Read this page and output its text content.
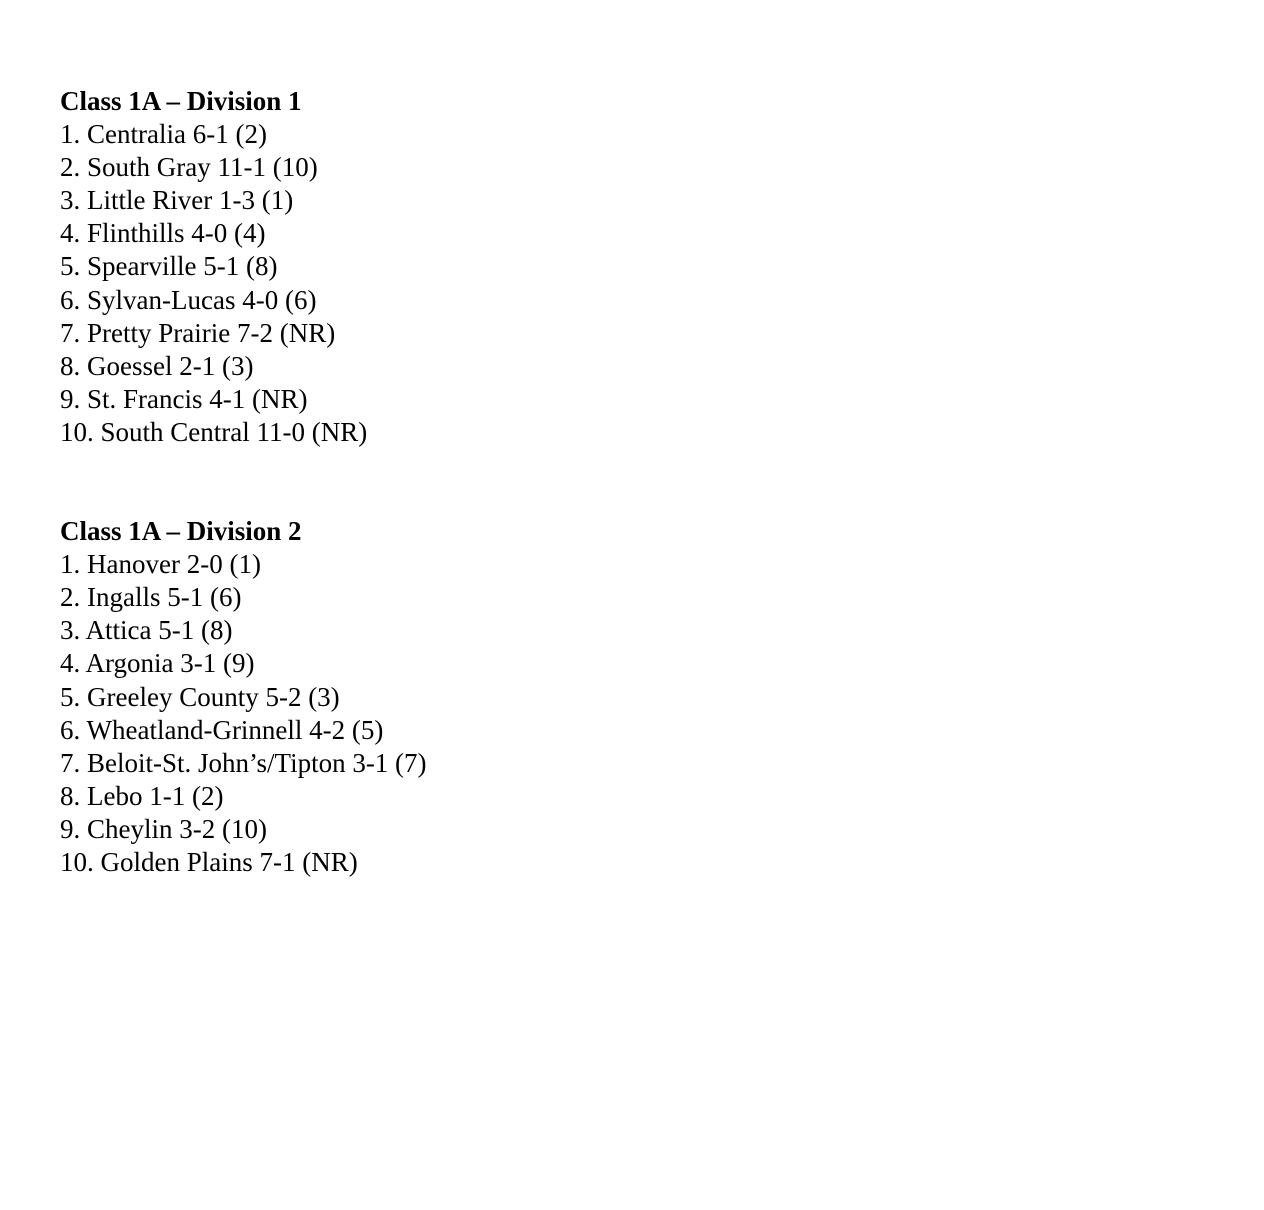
Class 1A – Division 1

1. Centralia 6-1 (2)
2. South Gray 11-1 (10)
3. Little River 1-3 (1)
4. Flinthills 4-0 (4)
5. Spearville 5-1 (8)
6. Sylvan-Lucas 4-0 (6)
7. Pretty Prairie 7-2 (NR)
8. Goessel 2-1 (3)
9. St. Francis 4-1 (NR)
10. South Central 11-0 (NR)

Class 1A – Division 2

1. Hanover 2-0 (1)
2. Ingalls 5-1 (6)
3. Attica 5-1 (8)
4. Argonia 3-1 (9)
5. Greeley County 5-2 (3)
6. Wheatland-Grinnell 4-2 (5)
7. Beloit-St. John’s/Tipton 3-1 (7)
8. Lebo 1-1 (2)
9. Cheylin 3-2 (10)
10. Golden Plains 7-1 (NR)
